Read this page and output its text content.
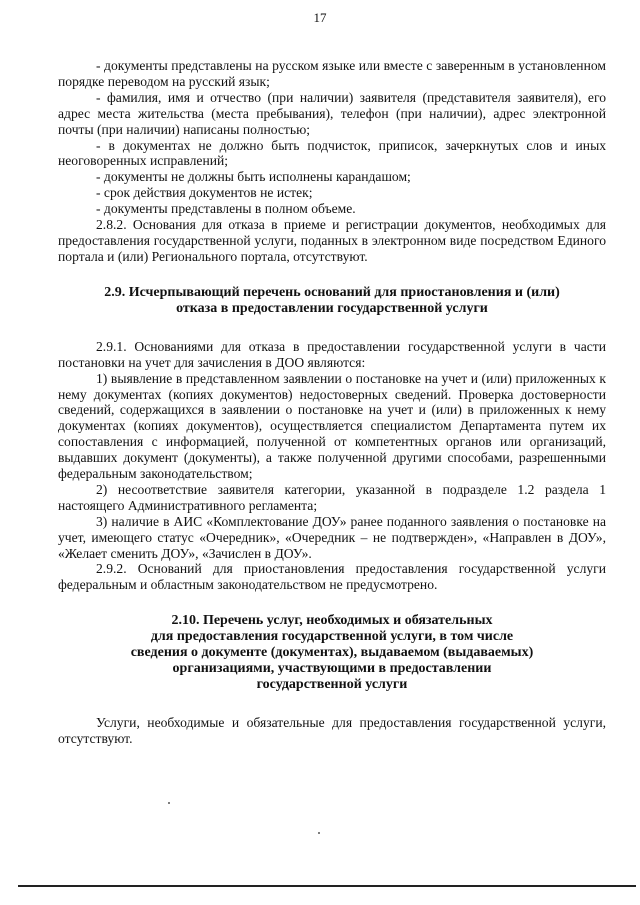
17

- документы представлены на русском языке или вместе с заверенным в установленном порядке переводом на русский язык;

- фамилия, имя и отчество (при наличии) заявителя (представителя заявителя), его адрес места жительства (места пребывания), телефон (при наличии), адрес электронной почты (при наличии) написаны полностью;

- в документах не должно быть подчисток, приписок, зачеркнутых слов и иных неоговоренных исправлений;

- документы не должны быть исполнены карандашом;

- срок действия документов не истек;

- документы представлены в полном объеме.

2.8.2. Основания для отказа в приеме и регистрации документов, необходимых для предоставления государственной услуги, поданных в электронном виде посредством Единого портала и (или) Регионального портала, отсутствуют.

2.9. Исчерпывающий перечень оснований для приостановления и (или)
отказа в предоставлении государственной услуги

2.9.1. Основаниями для отказа в предоставлении государственной услуги в части постановки на учет для зачисления в ДОО являются:

1) выявление в представленном заявлении о постановке на учет и (или) приложенных к нему документах (копиях документов) недостоверных сведений. Проверка достоверности сведений, содержащихся в заявлении о постановке на учет и (или) в приложенных к нему документах (копиях документов), осуществляется специалистом Департамента путем их сопоставления с информацией, полученной от компетентных органов или организаций, выдавших документ (документы), а также полученной другими способами, разрешенными федеральным законодательством;

2) несоответствие заявителя категории, указанной в подразделе 1.2 раздела 1 настоящего Административного регламента;

3) наличие в АИС «Комплектование ДОУ» ранее поданного заявления о постановке на учет, имеющего статус «Очередник», «Очередник – не подтвержден», «Направлен в ДОУ», «Желает сменить ДОУ», «Зачислен в ДОУ».

2.9.2. Оснований для приостановления предоставления государственной услуги федеральным и областным законодательством не предусмотрено.

2.10. Перечень услуг, необходимых и обязательных
для предоставления государственной услуги, в том числе
сведения о документе (документах), выдаваемом (выдаваемых)
организациями, участвующими в предоставлении
государственной услуги

Услуги, необходимые и обязательные для предоставления государственной услуги, отсутствуют.
